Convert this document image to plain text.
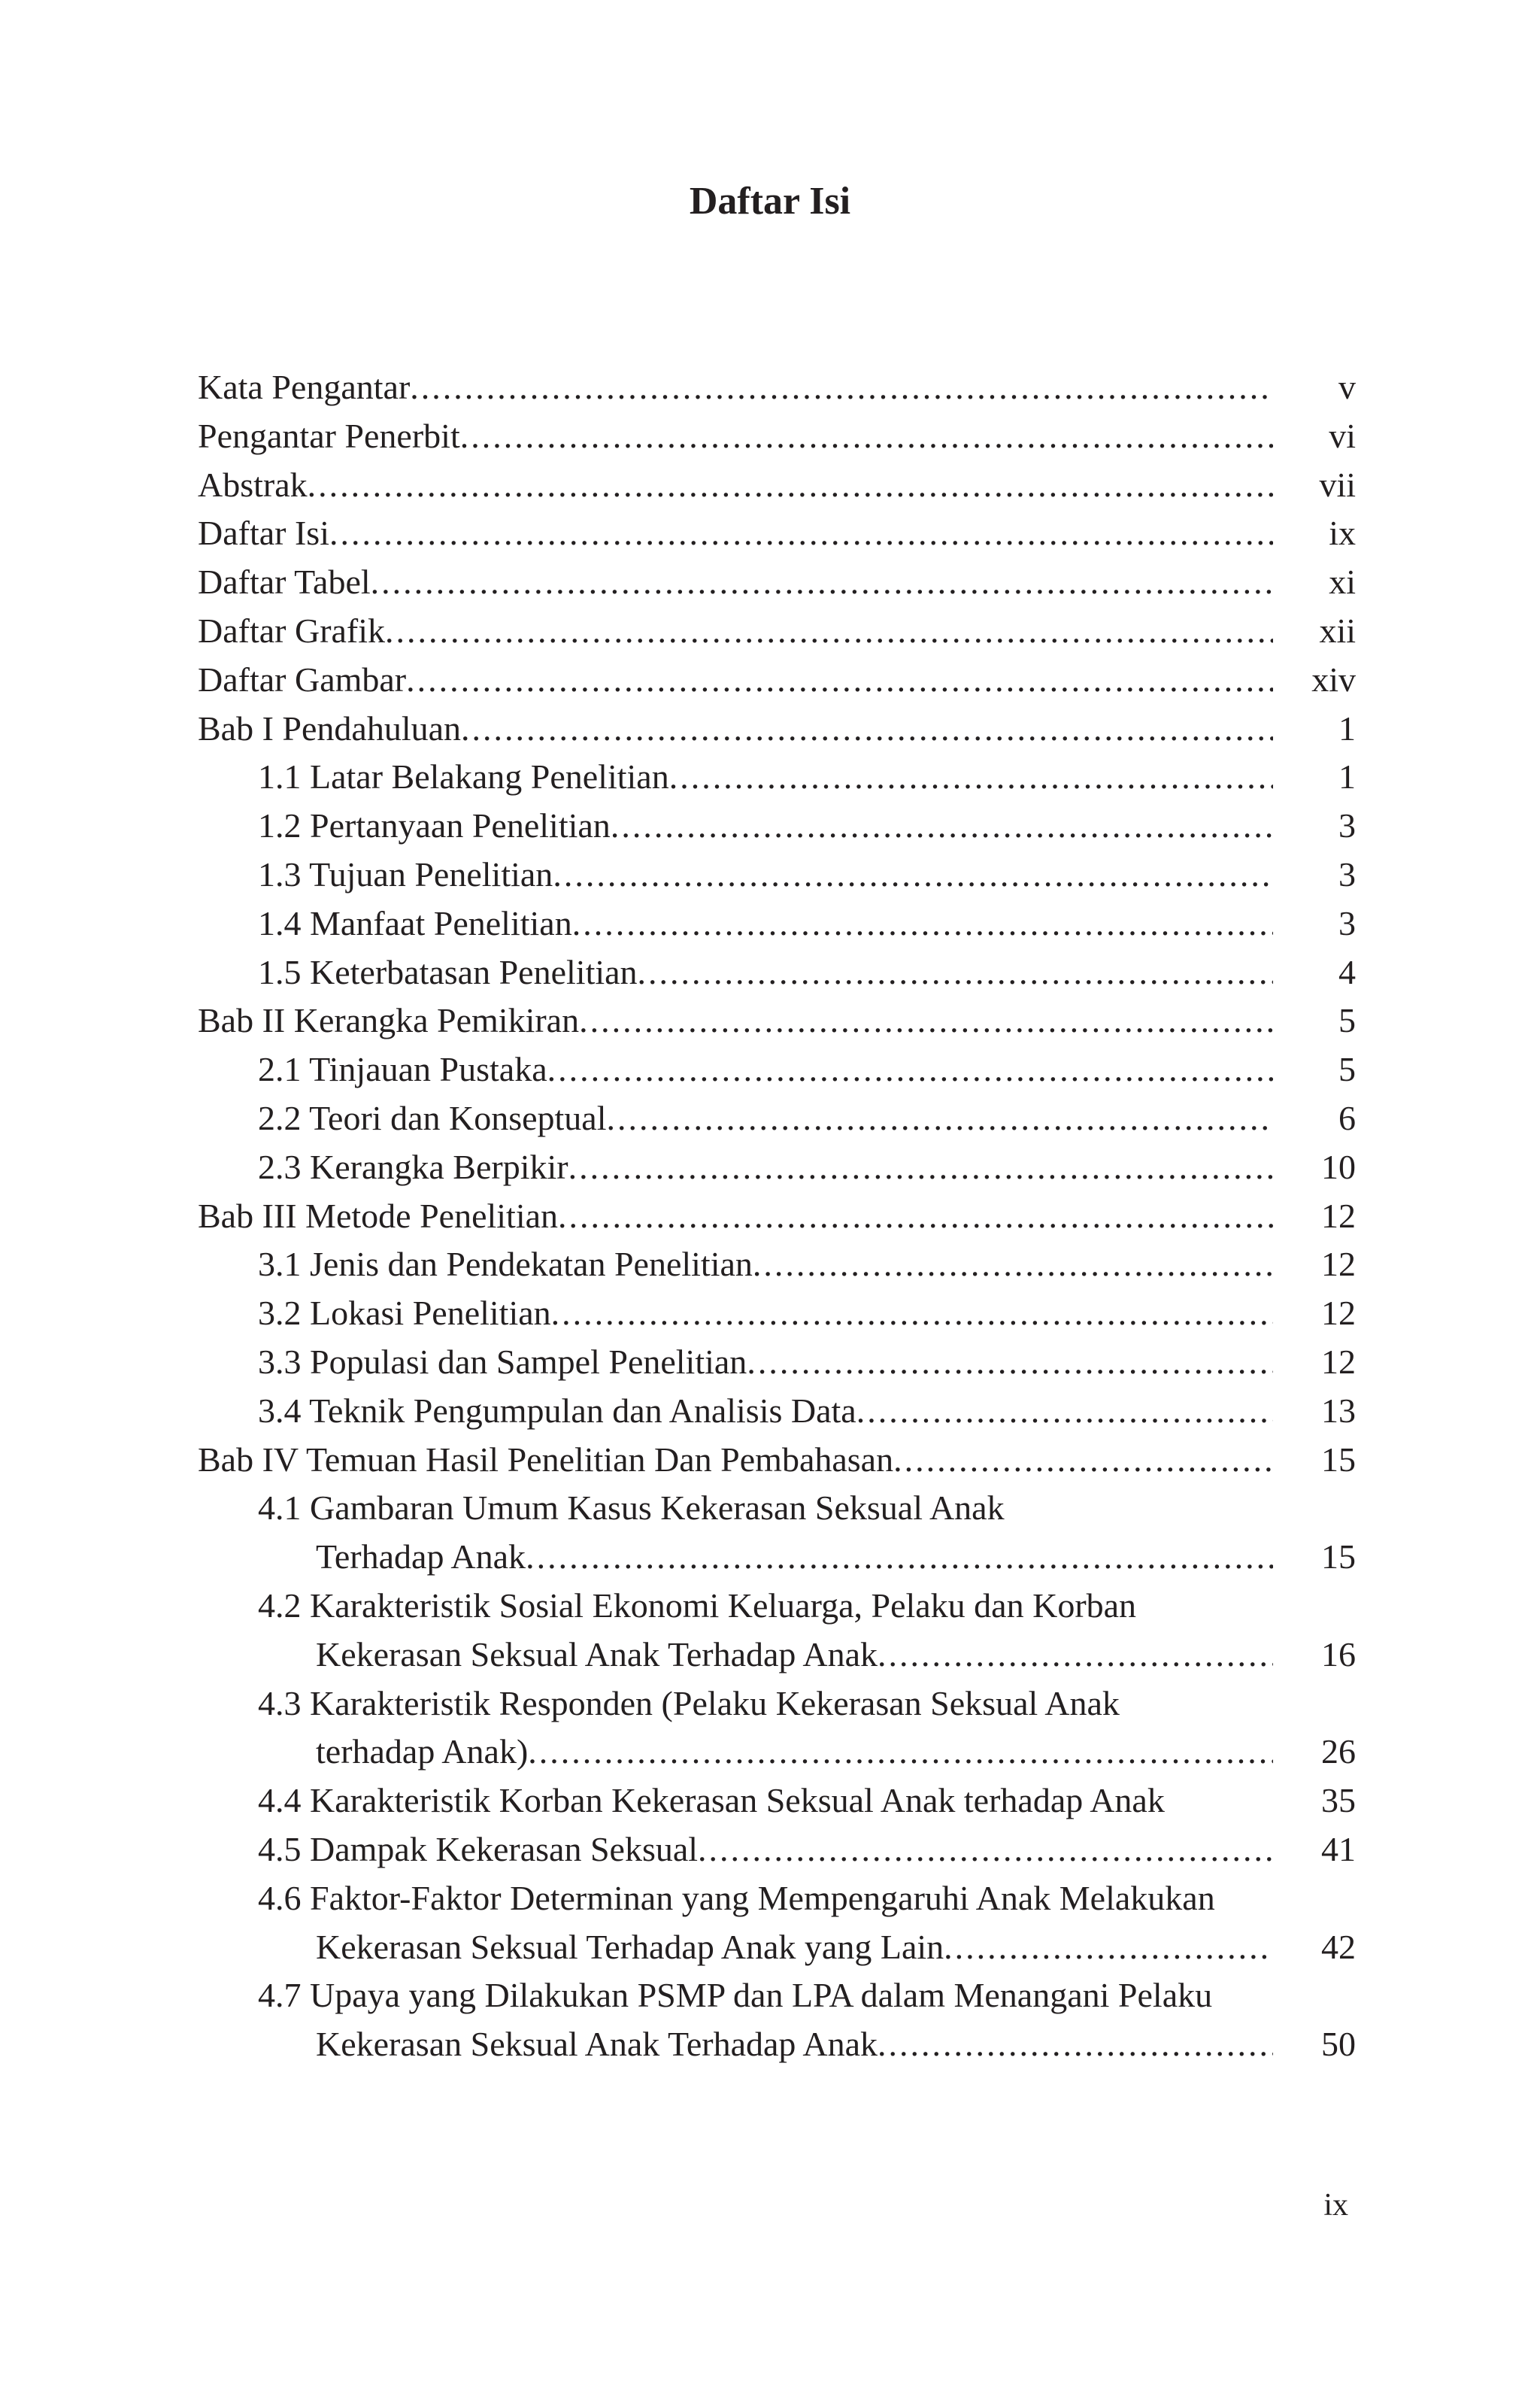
Daftar Isi
Kata Pengantar .....	v
Pengantar Penerbit .....	vi
Abstrak .....	vii
Daftar Isi .....	ix
Daftar Tabel .....	xi
Daftar Grafik .....	xii
Daftar Gambar .....	xiv
Bab I Pendahuluan .....	1
1.1 Latar Belakang Penelitian .....	1
1.2 Pertanyaan Penelitian .....	3
1.3 Tujuan Penelitian .....	3
1.4 Manfaat Penelitian .....	3
1.5 Keterbatasan Penelitian .....	4
Bab II Kerangka Pemikiran .....	5
2.1 Tinjauan Pustaka .....	5
2.2 Teori dan Konseptual .....	6
2.3 Kerangka Berpikir .....	10
Bab III Metode Penelitian .....	12
3.1 Jenis dan Pendekatan Penelitian .....	12
3.2 Lokasi Penelitian .....	12
3.3 Populasi dan Sampel Penelitian .....	12
3.4 Teknik Pengumpulan dan Analisis Data .....	13
Bab IV Temuan Hasil Penelitian Dan Pembahasan .....	15
4.1 Gambaran Umum Kasus Kekerasan Seksual Anak
Terhadap Anak .....	15
4.2 Karakteristik Sosial Ekonomi Keluarga, Pelaku dan Korban
Kekerasan Seksual Anak Terhadap Anak .....	16
4.3 Karakteristik Responden (Pelaku Kekerasan Seksual Anak
terhadap Anak) .....	26
4.4 Karakteristik Korban Kekerasan Seksual Anak terhadap Anak	35
4.5 Dampak Kekerasan Seksual .....	41
4.6 Faktor-Faktor Determinan yang Mempengaruhi Anak Melakukan
Kekerasan Seksual Terhadap Anak yang Lain .....	42
4.7 Upaya yang Dilakukan PSMP dan LPA dalam Menangani Pelaku
Kekerasan Seksual Anak Terhadap Anak .....	50
ix
